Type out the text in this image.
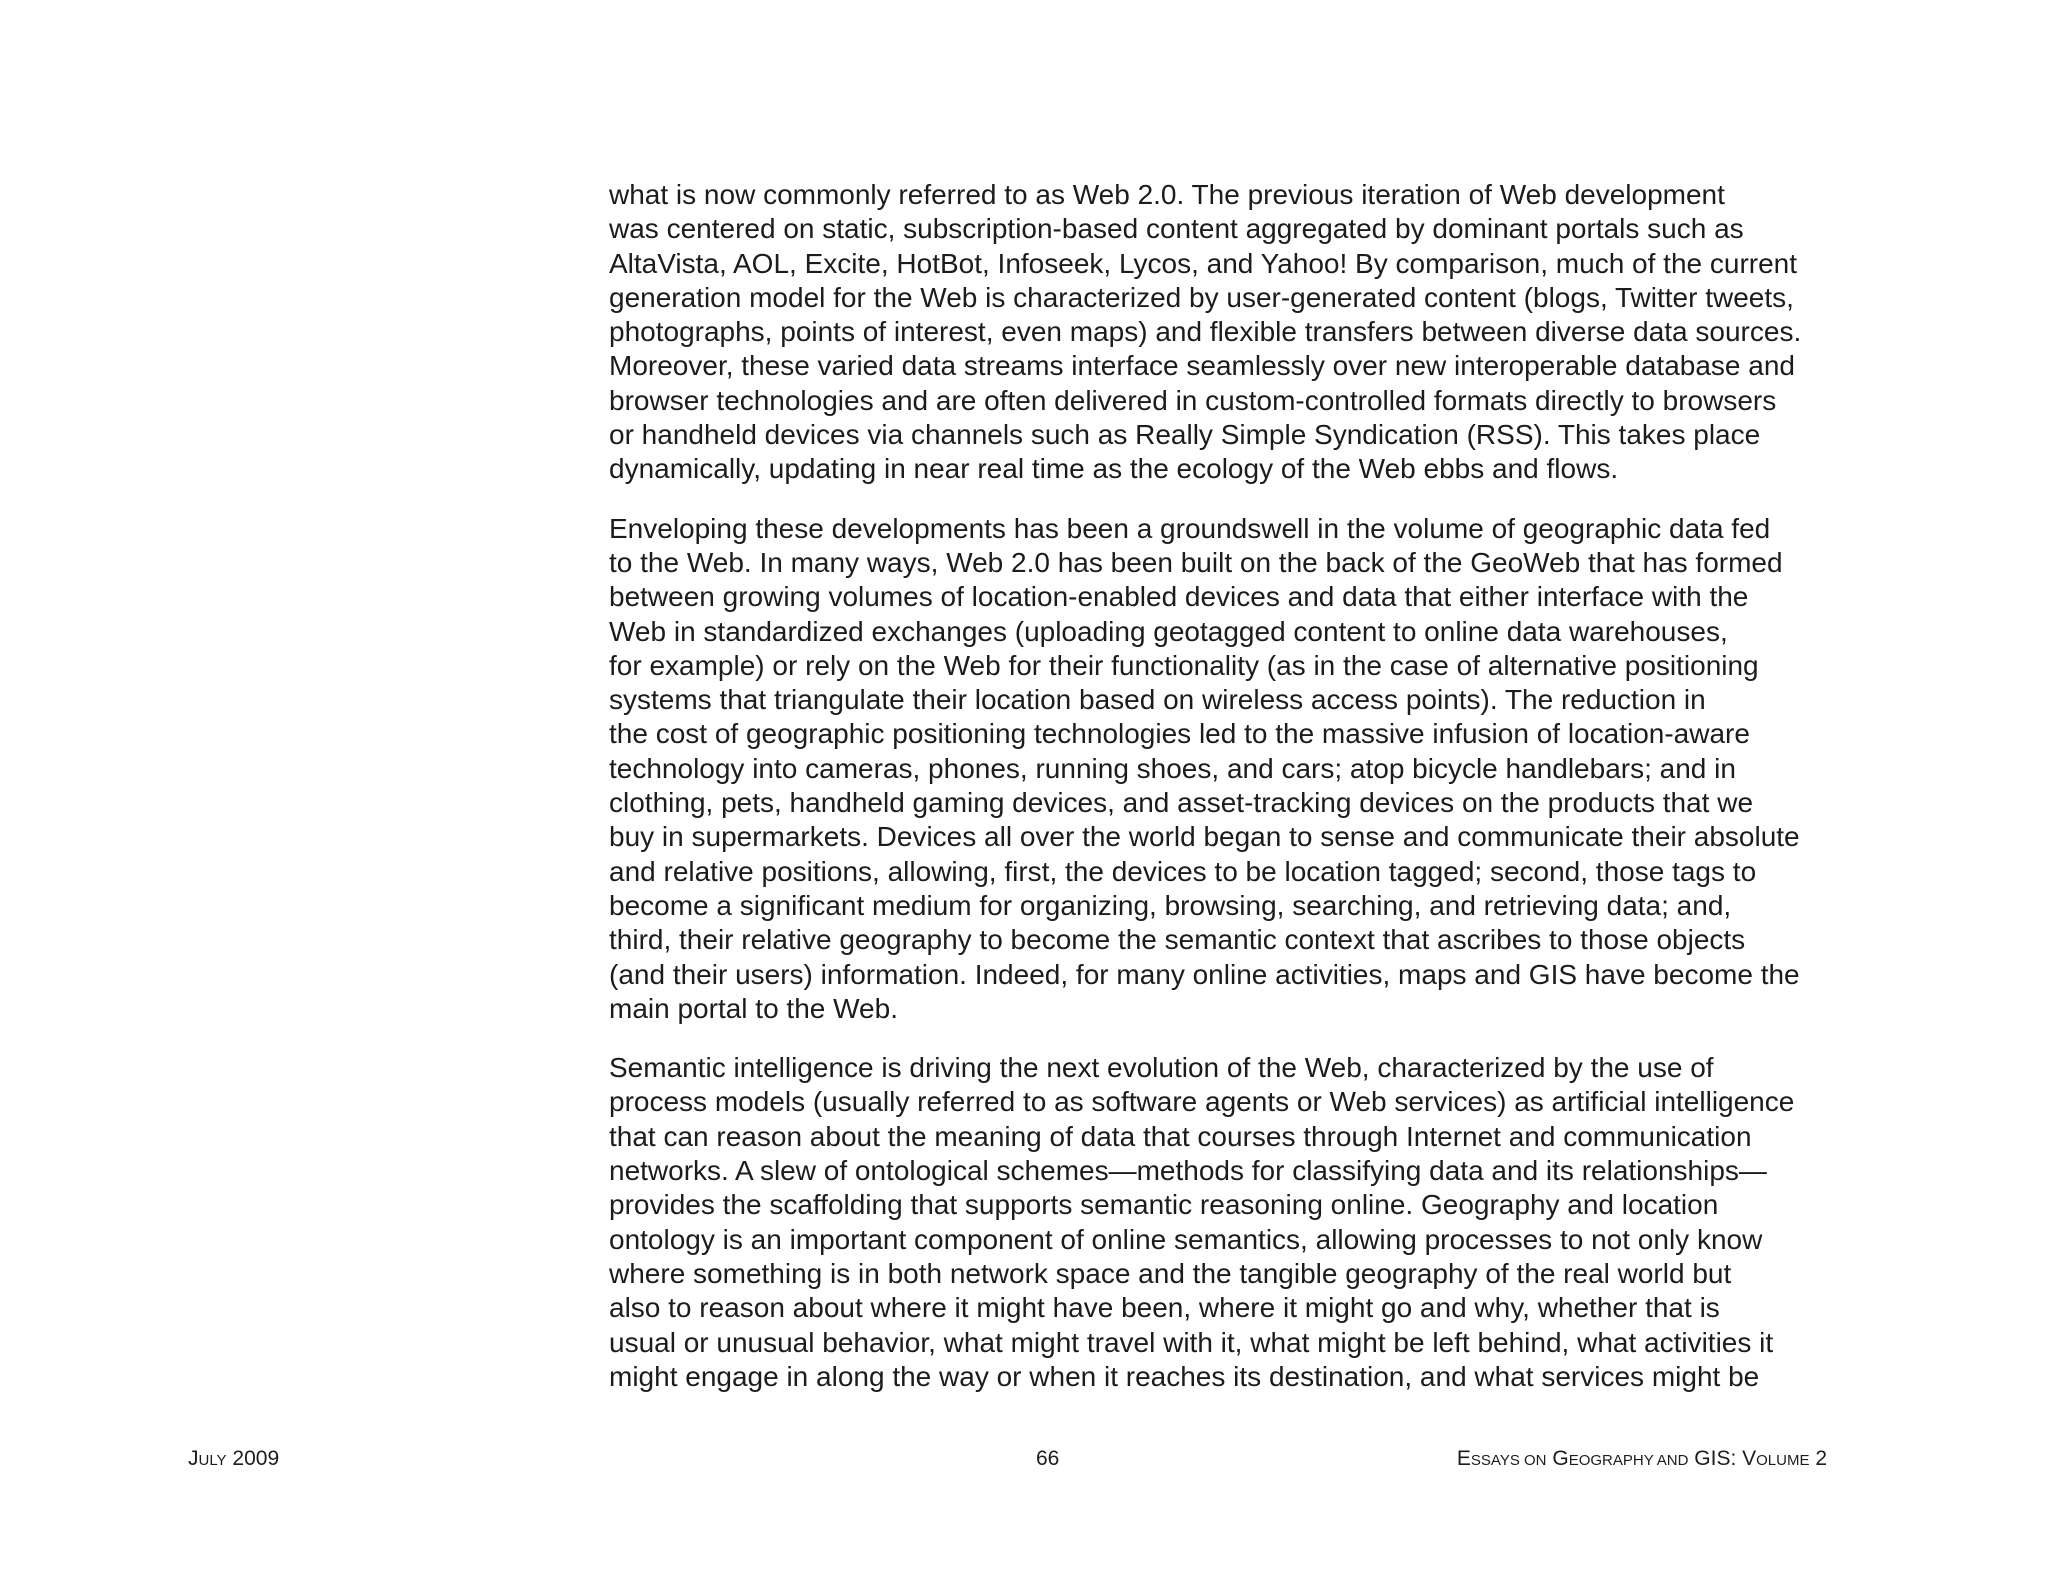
what is now commonly referred to as Web 2.0. The previous iteration of Web development
was centered on static, subscription-based content aggregated by dominant portals such as
AltaVista, AOL, Excite, HotBot, Infoseek, Lycos, and Yahoo! By comparison, much of the current
generation model for the Web is characterized by user-generated content (blogs, Twitter tweets,
photographs, points of interest, even maps) and flexible transfers between diverse data sources.
Moreover, these varied data streams interface seamlessly over new interoperable database and
browser technologies and are often delivered in custom-controlled formats directly to browsers
or handheld devices via channels such as Really Simple Syndication (RSS). This takes place
dynamically, updating in near real time as the ecology of the Web ebbs and flows.

Enveloping these developments has been a groundswell in the volume of geographic data fed
to the Web. In many ways, Web 2.0 has been built on the back of the GeoWeb that has formed
between growing volumes of location-enabled devices and data that either interface with the
Web in standardized exchanges (uploading geotagged content to online data warehouses,
for example) or rely on the Web for their functionality (as in the case of alternative positioning
systems that triangulate their location based on wireless access points). The reduction in
the cost of geographic positioning technologies led to the massive infusion of location-aware
technology into cameras, phones, running shoes, and cars; atop bicycle handlebars; and in
clothing, pets, handheld gaming devices, and asset-tracking devices on the products that we
buy in supermarkets. Devices all over the world began to sense and communicate their absolute
and relative positions, allowing, first, the devices to be location tagged; second, those tags to
become a significant medium for organizing, browsing, searching, and retrieving data; and,
third, their relative geography to become the semantic context that ascribes to those objects
(and their users) information. Indeed, for many online activities, maps and GIS have become the
main portal to the Web.

Semantic intelligence is driving the next evolution of the Web, characterized by the use of
process models (usually referred to as software agents or Web services) as artificial intelligence
that can reason about the meaning of data that courses through Internet and communication
networks. A slew of ontological schemes—methods for classifying data and its relationships—
provides the scaffolding that supports semantic reasoning online. Geography and location
ontology is an important component of online semantics, allowing processes to not only know
where something is in both network space and the tangible geography of the real world but
also to reason about where it might have been, where it might go and why, whether that is
usual or unusual behavior, what might travel with it, what might be left behind, what activities it
might engage in along the way or when it reaches its destination, and what services might be

JULY 2009	66	ESSAYS ON GEOGRAPHY AND GIS: VOLUME 2
